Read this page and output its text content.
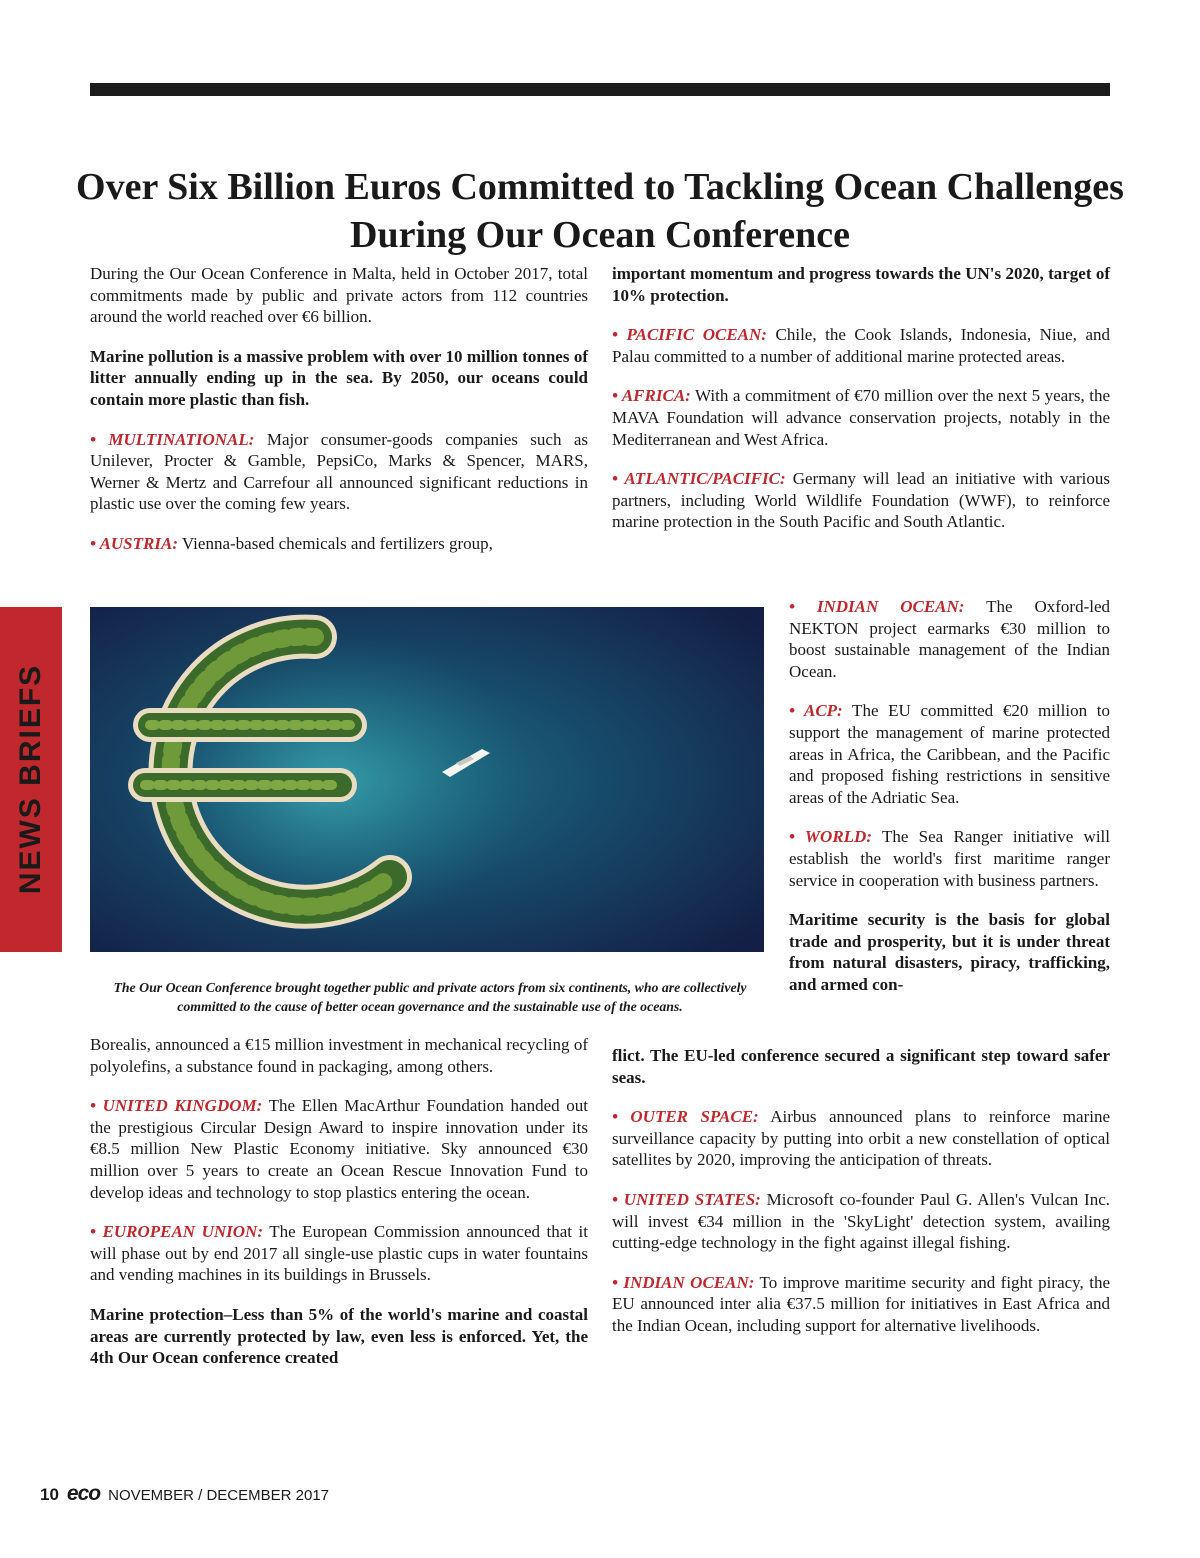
Over Six Billion Euros Committed to Tackling Ocean Challenges During Our Ocean Conference

During the Our Ocean Conference in Malta, held in October 2017, total commitments made by public and private actors from 112 countries around the world reached over €6 billion.

Marine pollution is a massive problem with over 10 million tonnes of litter annually ending up in the sea. By 2050, our oceans could contain more plastic than fish.

• MULTINATIONAL: Major consumer-goods companies such as Unilever, Procter & Gamble, PepsiCo, Marks & Spencer, MARS, Werner & Mertz and Carrefour all announced significant reductions in plastic use over the coming few years.

• AUSTRIA: Vienna-based chemicals and fertilizers group,

important momentum and progress towards the UN's 2020, target of 10% protection.

• PACIFIC OCEAN: Chile, the Cook Islands, Indonesia, Niue, and Palau committed to a number of additional marine protected areas.

• AFRICA: With a commitment of €70 million over the next 5 years, the MAVA Foundation will advance conservation projects, notably in the Mediterranean and West Africa.

• ATLANTIC/PACIFIC: Germany will lead an initiative with various partners, including World Wildlife Foundation (WWF), to reinforce marine protection in the South Pacific and South Atlantic.

NEWS BRIEFS

The Our Ocean Conference brought together public and private actors from six continents, who are collectively committed to the cause of better ocean governance and the sustainable use of the oceans.

• INDIAN OCEAN: The Oxford-led NEKTON project earmarks €30 million to boost sustainable management of the Indian Ocean.

• ACP: The EU committed €20 million to support the management of marine protected areas in Africa, the Caribbean, and the Pacific and proposed fishing restrictions in sensitive areas of the Adriatic Sea.

• WORLD: The Sea Ranger initiative will establish the world's first maritime ranger service in cooperation with business partners.

Maritime security is the basis for global trade and prosperity, but it is under threat from natural disasters, piracy, trafficking, and armed con-

flict. The EU-led conference secured a significant step toward safer seas.

• OUTER SPACE: Airbus announced plans to reinforce marine surveillance capacity by putting into orbit a new constellation of optical satellites by 2020, improving the anticipation of threats.

• UNITED STATES: Microsoft co-founder Paul G. Allen's Vulcan Inc. will invest €34 million in the 'SkyLight' detection system, availing cutting-edge technology in the fight against illegal fishing.

• INDIAN OCEAN: To improve maritime security and fight piracy, the EU announced inter alia €37.5 million for initiatives in East Africa and the Indian Ocean, including support for alternative livelihoods.

Borealis, announced a €15 million investment in mechanical recycling of polyolefins, a substance found in packaging, among others.

• UNITED KINGDOM: The Ellen MacArthur Foundation handed out the prestigious Circular Design Award to inspire innovation under its €8.5 million New Plastic Economy initiative. Sky announced €30 million over 5 years to create an Ocean Rescue Innovation Fund to develop ideas and technology to stop plastics entering the ocean.

• EUROPEAN UNION: The European Commission announced that it will phase out by end 2017 all single-use plastic cups in water fountains and vending machines in its buildings in Brussels.

Marine protection–Less than 5% of the world's marine and coastal areas are currently protected by law, even less is enforced. Yet, the 4th Our Ocean conference created

10 eco NOVEMBER / DECEMBER 2017
